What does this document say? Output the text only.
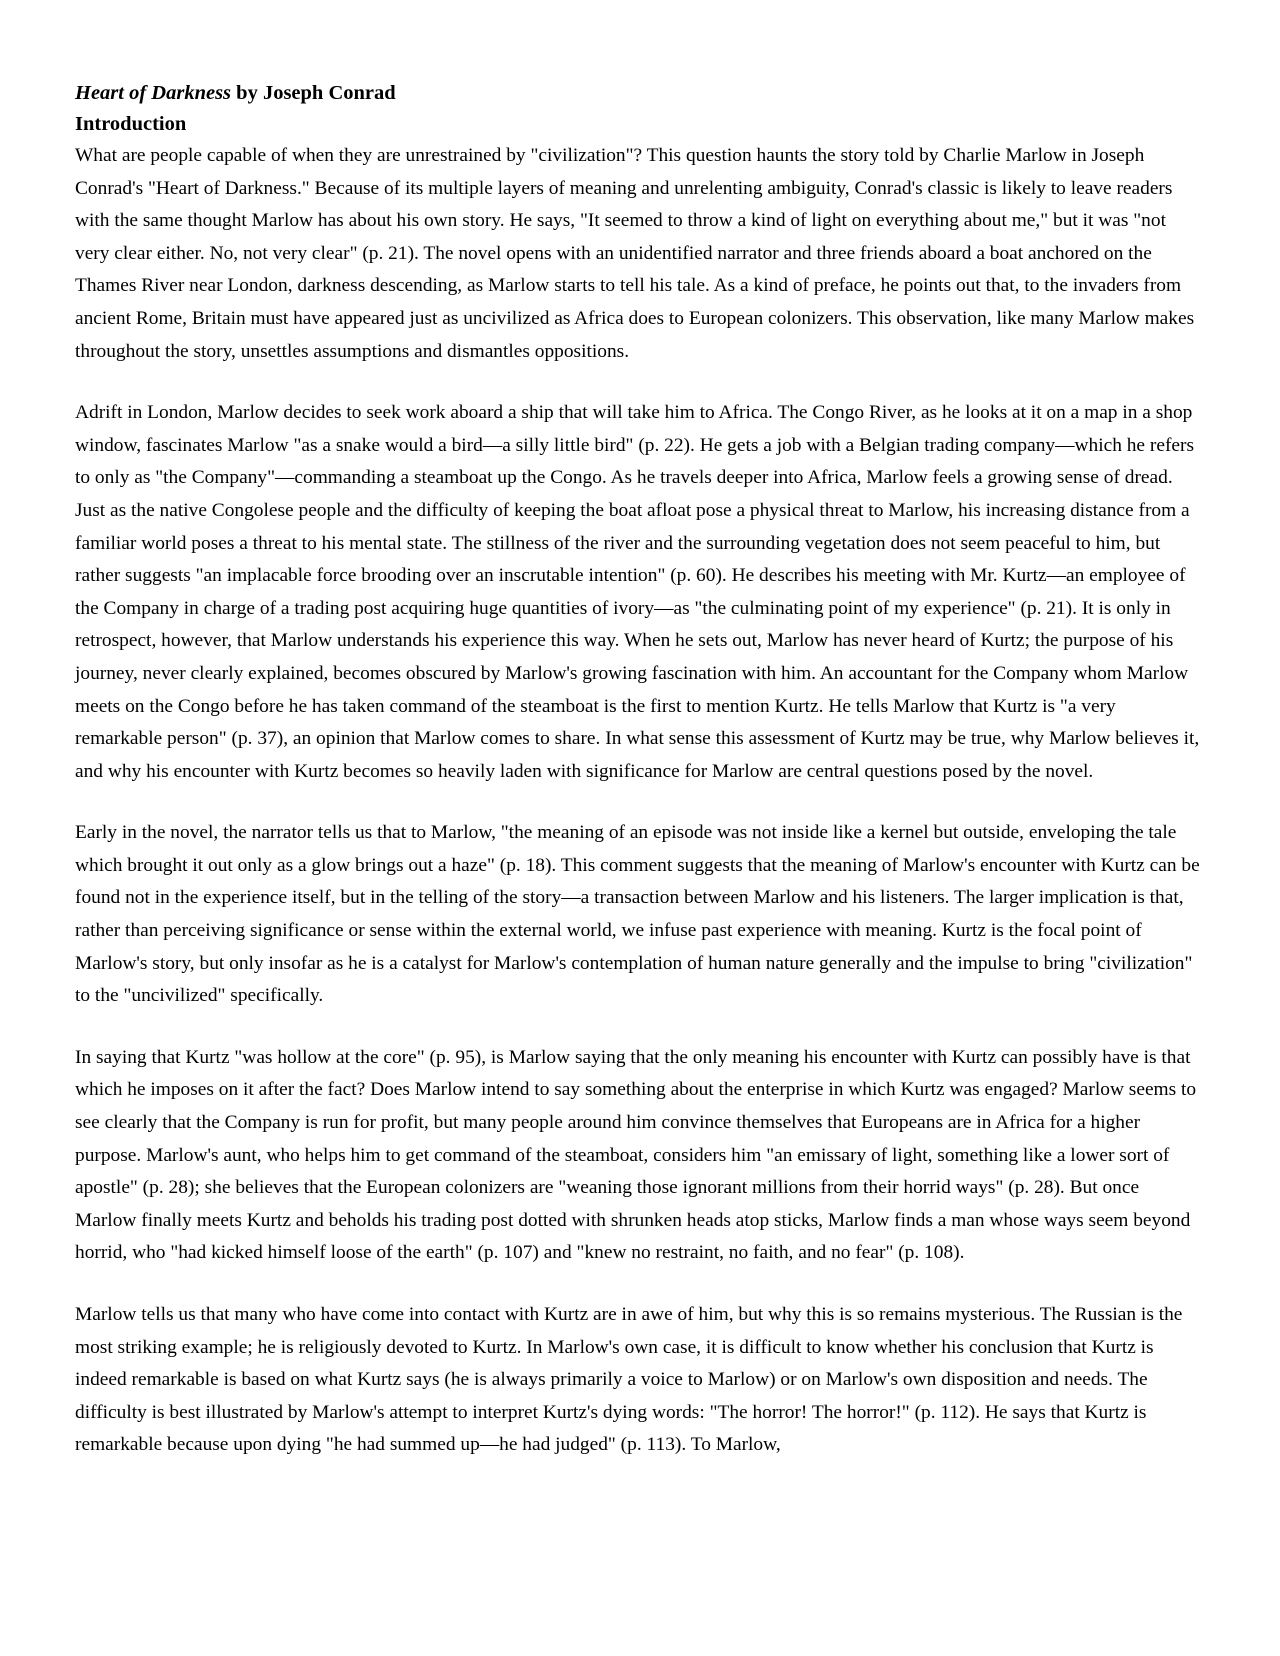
Heart of Darkness by Joseph Conrad

Introduction

What are people capable of when they are unrestrained by "civilization"? This question haunts the story told by Charlie Marlow in Joseph Conrad's "Heart of Darkness." Because of its multiple layers of meaning and unrelenting ambiguity, Conrad's classic is likely to leave readers with the same thought Marlow has about his own story. He says, "It seemed to throw a kind of light on everything about me," but it was "not very clear either. No, not very clear" (p. 21). The novel opens with an unidentified narrator and three friends aboard a boat anchored on the Thames River near London, darkness descending, as Marlow starts to tell his tale. As a kind of preface, he points out that, to the invaders from ancient Rome, Britain must have appeared just as uncivilized as Africa does to European colonizers. This observation, like many Marlow makes throughout the story, unsettles assumptions and dismantles oppositions.

Adrift in London, Marlow decides to seek work aboard a ship that will take him to Africa. The Congo River, as he looks at it on a map in a shop window, fascinates Marlow "as a snake would a bird—a silly little bird" (p. 22). He gets a job with a Belgian trading company—which he refers to only as "the Company"—commanding a steamboat up the Congo. As he travels deeper into Africa, Marlow feels a growing sense of dread. Just as the native Congolese people and the difficulty of keeping the boat afloat pose a physical threat to Marlow, his increasing distance from a familiar world poses a threat to his mental state. The stillness of the river and the surrounding vegetation does not seem peaceful to him, but rather suggests "an implacable force brooding over an inscrutable intention" (p. 60). He describes his meeting with Mr. Kurtz—an employee of the Company in charge of a trading post acquiring huge quantities of ivory—as "the culminating point of my experience" (p. 21). It is only in retrospect, however, that Marlow understands his experience this way. When he sets out, Marlow has never heard of Kurtz; the purpose of his journey, never clearly explained, becomes obscured by Marlow's growing fascination with him. An accountant for the Company whom Marlow meets on the Congo before he has taken command of the steamboat is the first to mention Kurtz. He tells Marlow that Kurtz is "a very remarkable person" (p. 37), an opinion that Marlow comes to share. In what sense this assessment of Kurtz may be true, why Marlow believes it, and why his encounter with Kurtz becomes so heavily laden with significance for Marlow are central questions posed by the novel.

Early in the novel, the narrator tells us that to Marlow, "the meaning of an episode was not inside like a kernel but outside, enveloping the tale which brought it out only as a glow brings out a haze" (p. 18). This comment suggests that the meaning of Marlow's encounter with Kurtz can be found not in the experience itself, but in the telling of the story—a transaction between Marlow and his listeners. The larger implication is that, rather than perceiving significance or sense within the external world, we infuse past experience with meaning. Kurtz is the focal point of Marlow's story, but only insofar as he is a catalyst for Marlow's contemplation of human nature generally and the impulse to bring "civilization" to the "uncivilized" specifically.

In saying that Kurtz "was hollow at the core" (p. 95), is Marlow saying that the only meaning his encounter with Kurtz can possibly have is that which he imposes on it after the fact? Does Marlow intend to say something about the enterprise in which Kurtz was engaged? Marlow seems to see clearly that the Company is run for profit, but many people around him convince themselves that Europeans are in Africa for a higher purpose. Marlow's aunt, who helps him to get command of the steamboat, considers him "an emissary of light, something like a lower sort of apostle" (p. 28); she believes that the European colonizers are "weaning those ignorant millions from their horrid ways" (p. 28). But once Marlow finally meets Kurtz and beholds his trading post dotted with shrunken heads atop sticks, Marlow finds a man whose ways seem beyond horrid, who "had kicked himself loose of the earth" (p. 107) and "knew no restraint, no faith, and no fear" (p. 108).

Marlow tells us that many who have come into contact with Kurtz are in awe of him, but why this is so remains mysterious. The Russian is the most striking example; he is religiously devoted to Kurtz. In Marlow's own case, it is difficult to know whether his conclusion that Kurtz is indeed remarkable is based on what Kurtz says (he is always primarily a voice to Marlow) or on Marlow's own disposition and needs. The difficulty is best illustrated by Marlow's attempt to interpret Kurtz's dying words: "The horror! The horror!" (p. 112). He says that Kurtz is remarkable because upon dying "he had summed up—he had judged" (p. 113). To Marlow,
